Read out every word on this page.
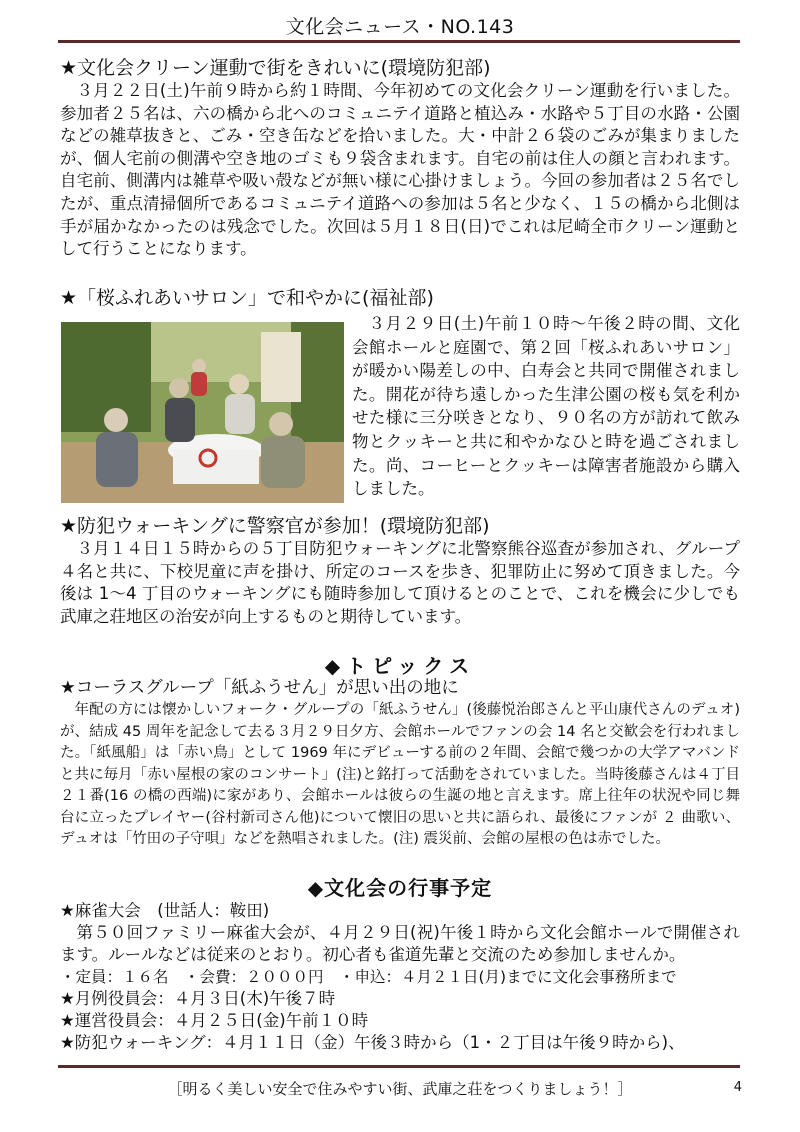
文化会ニュース・NO.143
★文化会クリーン運動で街をきれいに(環境防犯部)

３月２２日(土)午前９時から約１時間、今年初めての文化会クリーン運動を行いました。参加者２５名は、六の橋から北へのコミュニテイ道路と植込み・水路や５丁目の水路・公園などの雑草抜きと、ごみ・空き缶などを拾いました。大・中計２６袋のごみが集まりましたが、個人宅前の側溝や空き地のゴミも９袋含まれます。自宅の前は住人の顔と言われます。自宅前、側溝内は雑草や吸い殻などが無い様に心掛けましょう。今回の参加者は２５名でしたが、重点清掃個所であるコミュニテイ道路への参加は５名と少なく、１５の橋から北側は手が届かなかったのは残念でした。次回は５月１８日(日)でこれは尼崎全市クリーン運動として行うことになります。

★「桜ふれあいサロン」で和やかに(福祉部)

３月２９日(土)午前１０時～午後２時の間、文化会館ホールと庭園で、第２回「桜ふれあいサロン」が暖かい陽差しの中、白寿会と共同で開催されました。開花が待ち遠しかった生津公園の桜も気を利かせた様に三分咲きとなり、９０名の方が訪れて飲み物とクッキーと共に和やかなひと時を過ごされました。尚、コーヒーとクッキーは障害者施設から購入しました。

★防犯ウォーキングに警察官が参加！(環境防犯部)

３月１４日１５時からの５丁目防犯ウォーキングに北警察熊谷巡査が参加され、グループ４名と共に、下校児童に声を掛け、所定のコースを歩き、犯罪防止に努めて頂きました。今後は 1～4 丁目のウォーキングにも随時参加して頂けるとのことで、これを機会に少しでも武庫之荘地区の治安が向上するものと期待しています。

◆トピックス
★コーラスグループ「紙ふうせん」が思い出の地に

年配の方には懐かしいフォーク・グループの「紙ふうせん」(後藤悦治郎さんと平山康代さんのデュオ)が、結成 45 周年を記念して去る３月２９日夕方、会館ホールでファンの会 14 名と交歓会を行われました。「紙風船」は「赤い鳥」として 1969 年にデビューする前の２年間、会館で幾つかの大学アマバンドと共に毎月「赤い屋根の家のコンサート」(注)と銘打って活動をされていました。当時後藤さんは４丁目２１番(16 の橋の西端)に家があり、会館ホールは彼らの生誕の地と言えます。席上往年の状況や同じ舞台に立ったプレイヤー(谷村新司さん他)について懐旧の思いと共に語られ、最後にファンが ２ 曲歌い、デュオは「竹田の子守唄」などを熱唱されました。(注) 震災前、会館の屋根の色は赤でした。

◆文化会の行事予定
★麻雀大会　(世話人：鞍田)

第５０回ファミリー麻雀大会が、４月２９日(祝)午後１時から文化会館ホールで開催されます。ルールなどは従来のとおり。初心者も雀道先輩と交流のため参加しませんか。

・定員：１６名　・会費：２０００円　・申込：４月２１日(月)までに文化会事務所まで
★月例役員会：４月３日(木)午後７時
★運営役員会：４月２５日(金)午前１０時
★防犯ウォーキング：４月１１日（金）午後３時から（1・２丁目は午後９時から)、
［明るく美しい安全で住みやすい街、武庫之荘をつくりましょう！］	4
